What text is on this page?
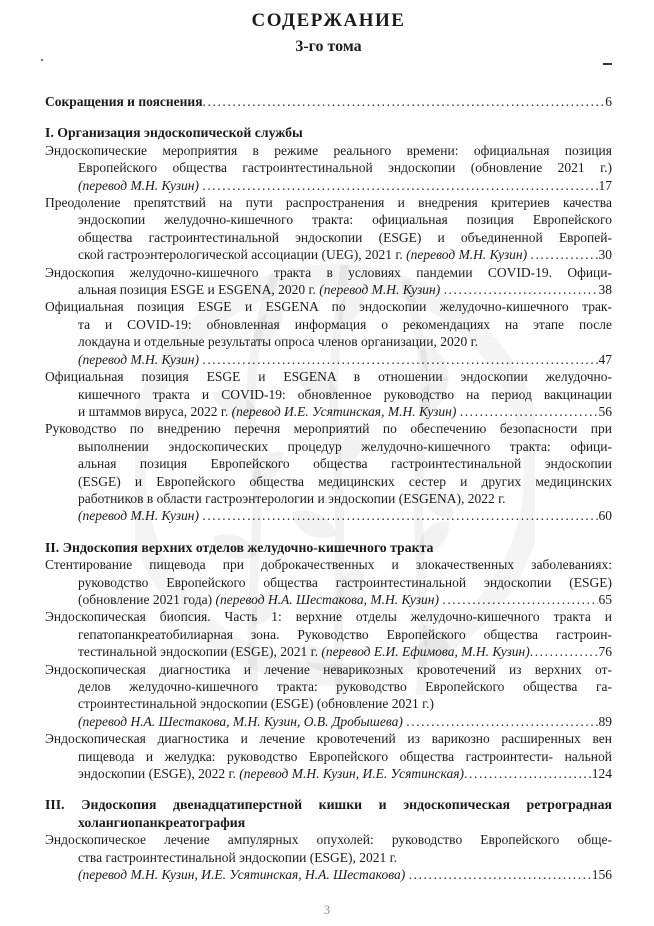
СОДЕРЖАНИЕ
3-го тома
Сокращения и пояснения .....	6
I. Организация эндоскопической службы
Эндоскопические мероприятия в режиме реального времени: официальная позиция
Европейского общества гастроинтестинальной эндоскопии (обновление 2021 г.)
(перевод М.Н. Кузин) .....	17
Преодоление препятствий на пути распространения и внедрения критериев качества
эндоскопии желудочно-кишечного тракта: официальная позиция Европейского
общества гастроинтестинальной эндоскопии (ESGE) и объединенной Европей-
ской гастроэнтерологической ассоциации (UEG), 2021 г. (перевод М.Н. Кузин) .....	30
Эндоскопия желудочно-кишечного тракта в условиях пандемии COVID-19. Офици-
альная позиция ESGE и ESGENA, 2020 г. (перевод М.Н. Кузин) .....	38
Официальная позиция ESGE и ESGENA по эндоскопии желудочно-кишечного трак-
та и COVID-19: обновленная информация о рекомендациях на этапе после
локдауна и отдельные результаты опроса членов организации, 2020 г.
(перевод М.Н. Кузин) .....	47
Официальная позиция ESGE и ESGENA в отношении эндоскопии желудочно-
кишечного тракта и COVID-19: обновленное руководство на период вакцинации
и штаммов вируса, 2022 г. (перевод И.Е. Усятинская, М.Н. Кузин) .....	56
Руководство по внедрению перечня мероприятий по обеспечению безопасности при
выполнении эндоскопических процедур желудочно-кишечного тракта: офици-
альная позиция Европейского общества гастроинтестинальной эндоскопии
(ESGE) и Европейского общества медицинских сестер и других медицинских
работников в области гастроэнтерологии и эндоскопии (ESGENA), 2022 г.
(перевод М.Н. Кузин) .....	60
II. Эндоскопия верхних отделов желудочно-кишечного тракта
Стентирование пищевода при доброкачественных и злокачественных заболеваниях:
руководство Европейского общества гастроинтестинальной эндоскопии (ESGE)
(обновление 2021 года) (перевод Н.А. Шестакова, М.Н. Кузин) .....	65
Эндоскопическая биопсия. Часть 1: верхние отделы желудочно-кишечного тракта и
гепатопанкреатобилиарная зона. Руководство Европейского общества гастроин-
тестинальной эндоскопии (ESGE), 2021 г. (перевод Е.И. Ефимова, М.Н. Кузин) .....	76
Эндоскопическая диагностика и лечение неварикозных кровотечений из верхних от-
делов желудочно-кишечного тракта: руководство Европейского общества га-
строинтестинальной эндоскопии (ESGE) (обновление 2021 г.)
(перевод Н.А. Шестакова, М.Н. Кузин, О.В. Дробышева) .....	89
Эндоскопическая диагностика и лечение кровотечений из варикозно расширенных вен
пищевода и желудка: руководство Европейского общества гастроинтести- нальной
эндоскопии (ESGE), 2022 г. (перевод М.Н. Кузин, И.Е. Усятинская) .....	124
III. Эндоскопия двенадцатиперстной кишки и эндоскопическая ретроградная
холангиопанкреатография
Эндоскопическое лечение ампулярных опухолей: руководство Европейского обще-
ства гастроинтестинальной эндоскопии (ESGE), 2021 г.
(перевод М.Н. Кузин, И.Е. Усятинская, Н.А. Шестакова) .....	156
3
